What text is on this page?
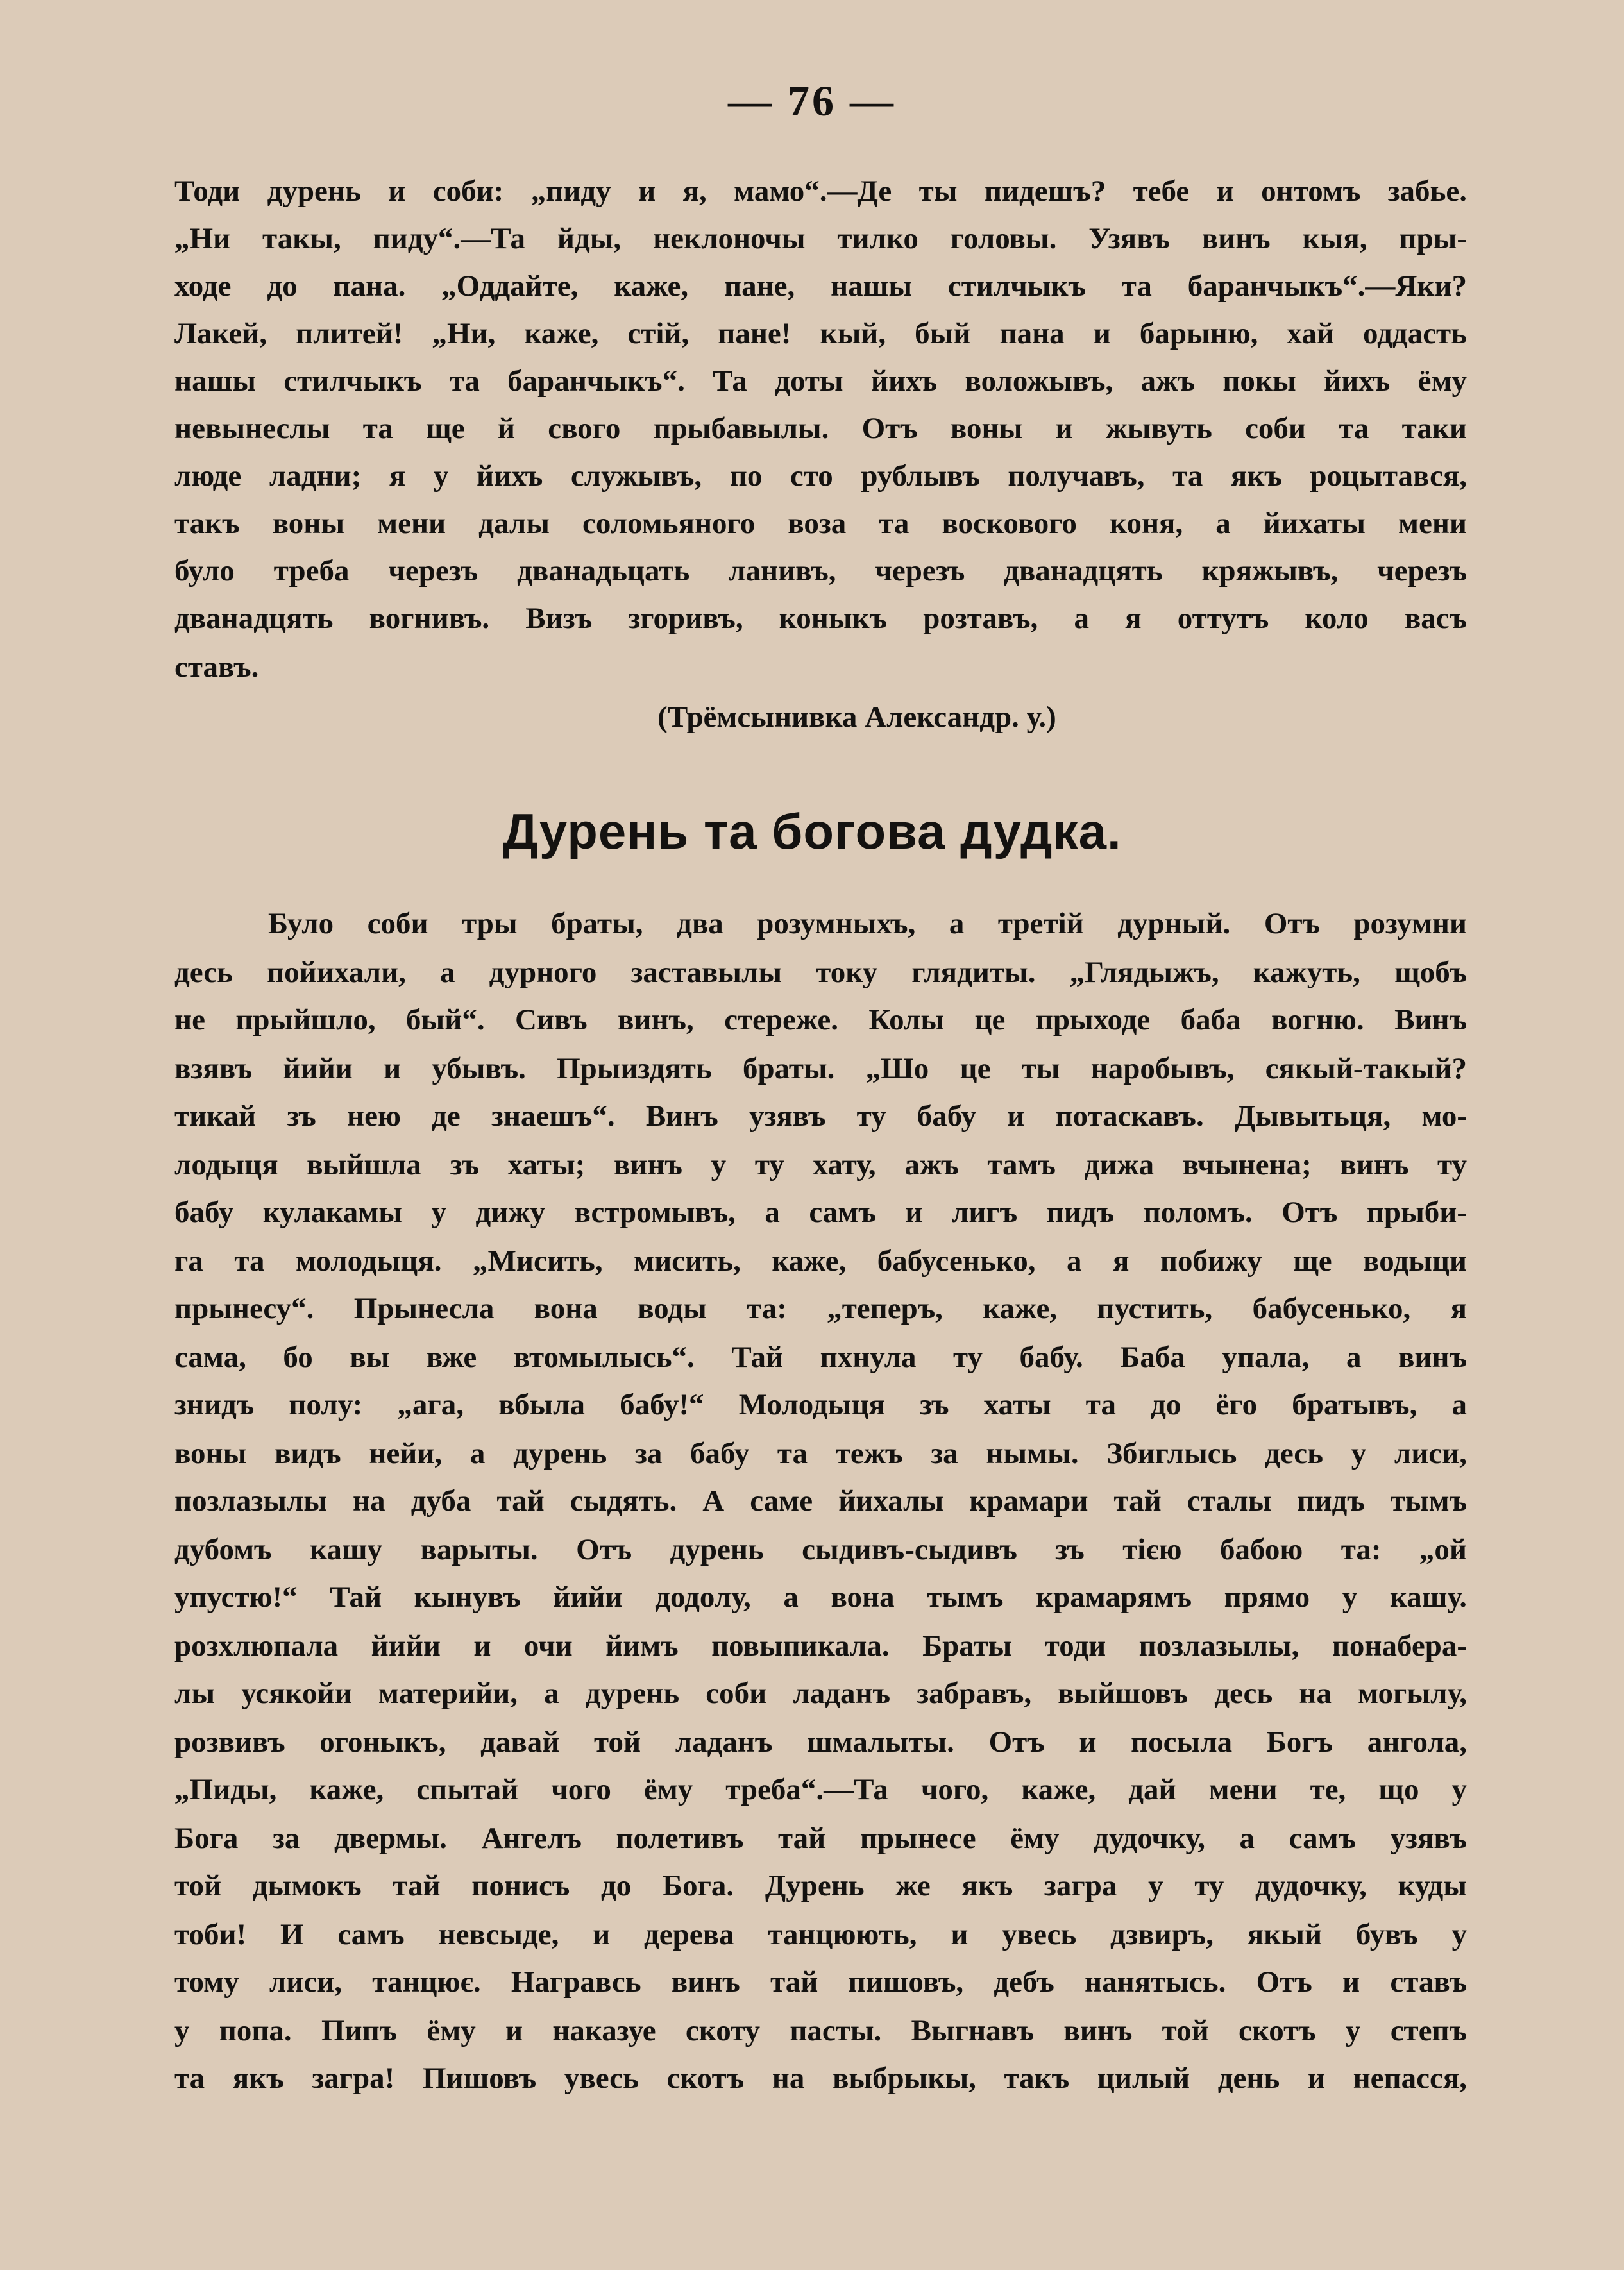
— 76 —
Тоди дурень и соби: „пиду и я, мамо“.—Де ты пидешъ? тебе и онтомъ забье.
„Ни такы, пиду“.—Та йды, неклоночы тилко головы. Узявъ винъ кыя, пры-
ходе до пана. „Оддайте, каже, пане, нашы стилчыкъ та баранчыкъ“.—Яки?
Лакей, плитей! „Ни, каже, стій, пане! кый, бый пана и барыню, хай оддасть
нашы стилчыкъ та баранчыкъ“. Та доты йихъ воложывъ, ажъ покы йихъ ёму
невынеслы та ще й свого прыбавылы. Отъ воны и жывуть соби та таки
люде ладни; я у йихъ служывъ, по сто рублывъ получавъ, та якъ роцытався,
такъ воны мени далы соломьяного воза та воскового коня, а йихаты мени
було треба черезъ дванадьцать ланивъ, черезъ дванадцять кряжывъ, черезъ
дванадцять вогнивъ. Визъ згоривъ, коныкъ розтавъ, а я оттутъ коло васъ
ставъ.
(Трёмсынивка Александр. у.)
Дурень та богова дудка.
Було соби тры браты, два розумныхъ, а третій дурный. Отъ розумни
десь пойихали, а дурного заставылы току глядиты. „Глядыжъ, кажуть, щобъ
не прыйшло, бый“. Сивъ винъ, стереже. Колы це прыходе баба вогню. Винъ
взявъ йийи и убывъ. Прыиздять браты. „Шо це ты наробывъ, сякый-такый?
тикай зъ нею де знаешъ“. Винъ узявъ ту бабу и потаскавъ. Дывытьця, мо-
лодыця выйшла зъ хаты; винъ у ту хату, ажъ тамъ дижа вчынена; винъ ту
бабу кулакамы у дижу встромывъ, а самъ и лигъ пидъ поломъ. Отъ прыби-
га та молодыця. „Мисить, мисить, каже, бабусенько, а я побижу ще водыци
прынесу“. Прынесла вона воды та: „теперъ, каже, пустить, бабусенько, я
сама, бо вы вже втомылысь“. Тай пхнула ту бабу. Баба упала, а винъ
знидъ полу: „ага, вбыла бабу!“ Молодыця зъ хаты та до ёго братывъ, а
воны видъ нейи, а дурень за бабу та тежъ за нымы. Збиглысь десь у лиси,
позлазылы на дуба тай сыдять. А саме йихалы крамари тай сталы пидъ тымъ
дубомъ кашу варыты. Отъ дурень сыдивъ-сыдивъ зъ тією бабою та: „ой
упустю!“ Тай кынувъ йийи додолу, а вона тымъ крамарямъ прямо у кашу.
розхлюпала йийи и очи йимъ повыпикала. Браты тоди позлазылы, понабера-
лы усякойи материйи, а дурень соби ладанъ забравъ, выйшовъ десь на могылу,
розвивъ огоныкъ, давай той ладанъ шмалыты. Отъ и посыла Богъ ангола,
„Пиды, каже, спытай чого ёму треба“.—Та чого, каже, дай мени те, що у
Бога за двермы. Ангелъ полетивъ тай прынесе ёму дудочку, а самъ узявъ
той дымокъ тай понисъ до Бога. Дурень же якъ загра у ту дудочку, куды
тоби! И самъ невсыде, и дерева танцюють, и увесь дзвиръ, якый бувъ у
тому лиси, танцює. Награвсь винъ тай пишовъ, дебъ нанятысь. Отъ и ставъ
у попа. Пипъ ёму и наказуе скоту пасты. Выгнавъ винъ той скотъ у степъ
та якъ загра! Пишовъ увесь скотъ на выбрыкы, такъ цилый день и непасся,
